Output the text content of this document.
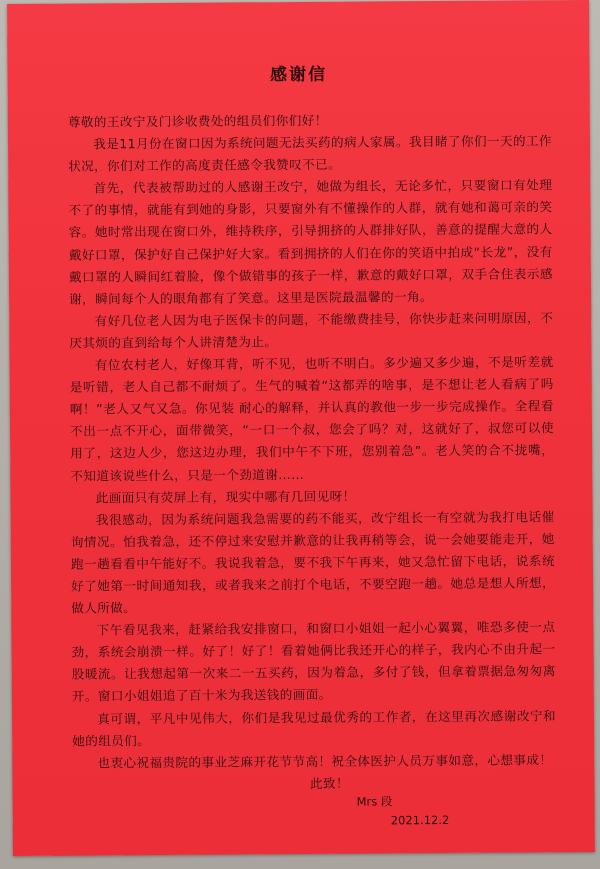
感谢信

尊敬的王改宁及门诊收费处的组员们你们好！

我是11月份在窗口因为系统问题无法买药的病人家属。我目睹了你们一天的工作状况，你们对工作的高度责任感令我赞叹不已。

首先，代表被帮助过的人感谢王改宁，她做为组长，无论多忙，只要窗口有处理不了的事情，就能有到她的身影，只要窗外有不懂操作的人群，就有她和蔼可亲的笑容。她时常出现在窗口外，维持秩序，引导拥挤的人群排好队，善意的提醒大意的人戴好口罩，保护好自己保护好大家。看到拥挤的人们在你的笑语中拍成“长龙”，没有戴口罩的人瞬间红着脸，像个做错事的孩子一样，歉意的戴好口罩，双手合住表示感谢，瞬间每个人的眼角都有了笑意。这里是医院最温馨的一角。

有好几位老人因为电子医保卡的问题，不能缴费挂号，你快步赶来问明原因，不厌其烦的直到给每个人讲清楚为止。

有位农村老人，好像耳背，听不见，也听不明白。多少遍又多少遍，不是听差就是听错，老人自己都不耐烦了。生气的喊着“这都弄的啥事，是不想让老人看病了吗啊！”老人又气又急。你见装 耐心的解释，并认真的教他一步一步完成操作。全程看不出一点不开心，面带微笑，“一口一个叔，您会了吗？对，这就好了，叔您可以使用了，这边人少，您这边办理，我们中午不下班，您别着急”。老人笑的合不拢嘴，不知道该说些什么，只是一个劲道谢……

此画面只有荧屏上有，现实中哪有几回见呀！

我很感动，因为系统问题我急需要的药不能买，改宁组长一有空就为我打电话催询情况。怕我着急，还不停过来安慰并歉意的让我再稍等会，说一会她要能走开，她跑一趟看看中午能好不。我说我着急，要不我下午再来，她又急忙留下电话，说系统好了她第一时间通知我，或者我来之前打个电话，不要空跑一趟。她总是想人所想，做人所做。

下午看见我来，赶紧给我安排窗口，和窗口小姐姐一起小心翼翼，唯恐多使一点劲，系统会崩溃一样。好了！好了！看着她俩比我还开心的样子，我内心不由升起一股暖流。让我想起第一次来二一五买药，因为着急，多付了钱，但拿着票据急匆匆离开。窗口小姐姐追了百十米为我送钱的画面。

真可谓，平凡中见伟大，你们是我见过最优秀的工作者，在这里再次感谢改宁和她的组员们。

也衷心祝福贵院的事业芝麻开花节节高！祝全体医护人员万事如意，心想事成！

此致！

Mrs 段
2021.12.2
